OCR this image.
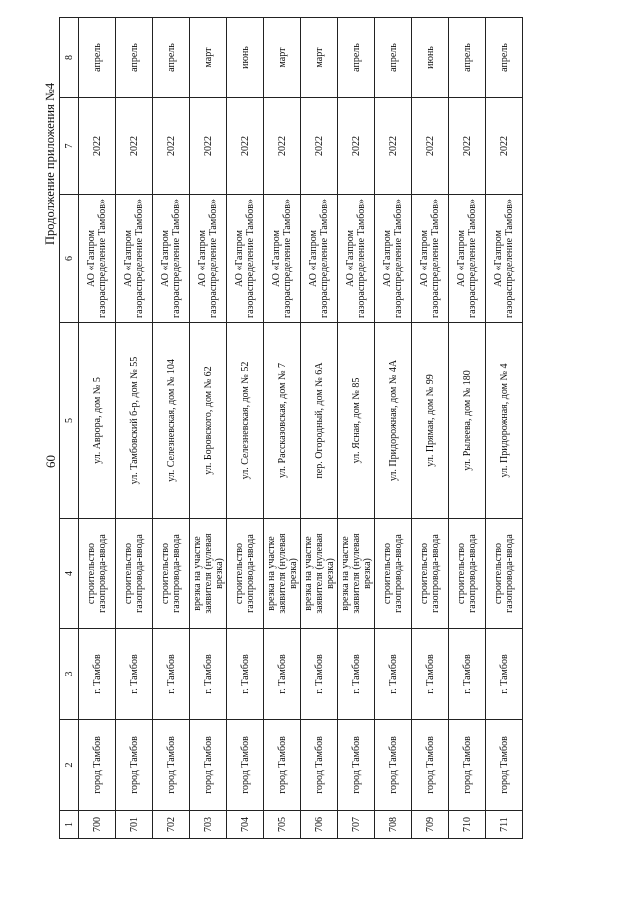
60
Продолжение приложения №4
1	2	3	4	5	6	7	8
700	город Тамбов	г. Тамбов	строительство газопровода-ввода	ул. Аврора, дом № 5	АО «Газпром газораспределение Тамбов»	2022	апрель
701	город Тамбов	г. Тамбов	строительство газопровода-ввода	ул. Тамбовский б-р, дом № 55	АО «Газпром газораспределение Тамбов»	2022	апрель
702	город Тамбов	г. Тамбов	строительство газопровода-ввода	ул. Селезневская, дом № 104	АО «Газпром газораспределение Тамбов»	2022	апрель
703	город Тамбов	г. Тамбов	врезка на участке заявителя (нулевая врезка)	ул. Боровского, дом № 62	АО «Газпром газораспределение Тамбов»	2022	март
704	город Тамбов	г. Тамбов	строительство газопровода-ввода	ул. Селезневская, дом № 52	АО «Газпром газораспределение Тамбов»	2022	июнь
705	город Тамбов	г. Тамбов	врезка на участке заявителя (нулевая врезка)	ул. Рассказовская, дом № 7	АО «Газпром газораспределение Тамбов»	2022	март
706	город Тамбов	г. Тамбов	врезка на участке заявителя (нулевая врезка)	пер. Огородный, дом № 6А	АО «Газпром газораспределение Тамбов»	2022	март
707	город Тамбов	г. Тамбов	врезка на участке заявителя (нулевая врезка)	ул. Ясная, дом № 85	АО «Газпром газораспределение Тамбов»	2022	апрель
708	город Тамбов	г. Тамбов	строительство газопровода-ввода	ул. Придорожная, дом № 4А	АО «Газпром газораспределение Тамбов»	2022	апрель
709	город Тамбов	г. Тамбов	строительство газопровода-ввода	ул. Прямая, дом № 99	АО «Газпром газораспределение Тамбов»	2022	июнь
710	город Тамбов	г. Тамбов	строительство газопровода-ввода	ул. Рылеева, дом № 180	АО «Газпром газораспределение Тамбов»	2022	апрель
711	город Тамбов	г. Тамбов	строительство газопровода-ввода	ул. Придорожная, дом № 4	АО «Газпром газораспределение Тамбов»	2022	апрель
